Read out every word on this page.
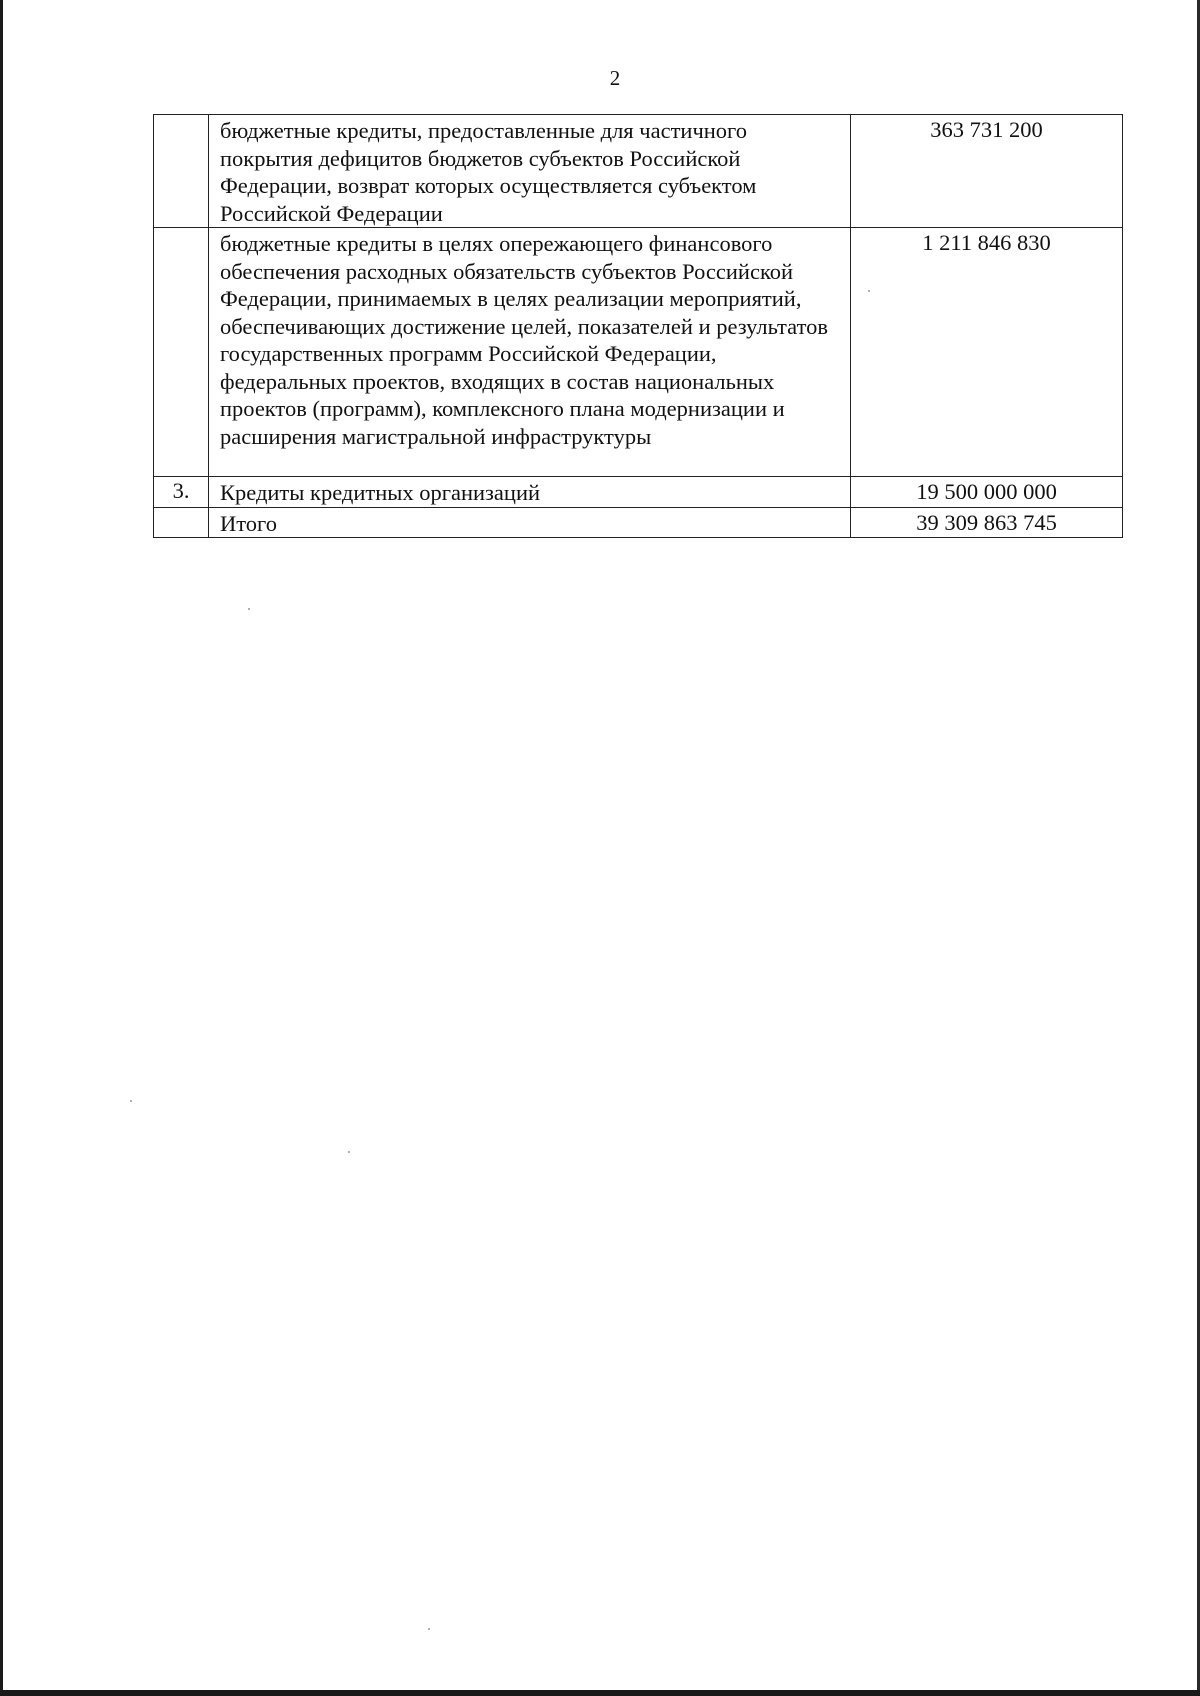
2
	бюджетные кредиты, предоставленные для частичного покрытия дефицитов бюджетов субъектов Российской Федерации, возврат которых осуществляется субъектом Российской Федерации	363 731 200
	бюджетные кредиты в целях опережающего финансового обеспечения расходных обязательств субъектов Российской Федерации, принимаемых в целях реализации мероприятий, обеспечивающих достижение целей, показателей и результатов государственных программ Российской Федерации, федеральных проектов, входящих в состав национальных проектов (программ), комплексного плана модернизации и расширения магистральной инфраструктуры	1 211 846 830
3.	Кредиты кредитных организаций	19 500 000 000
	Итого	39 309 863 745
